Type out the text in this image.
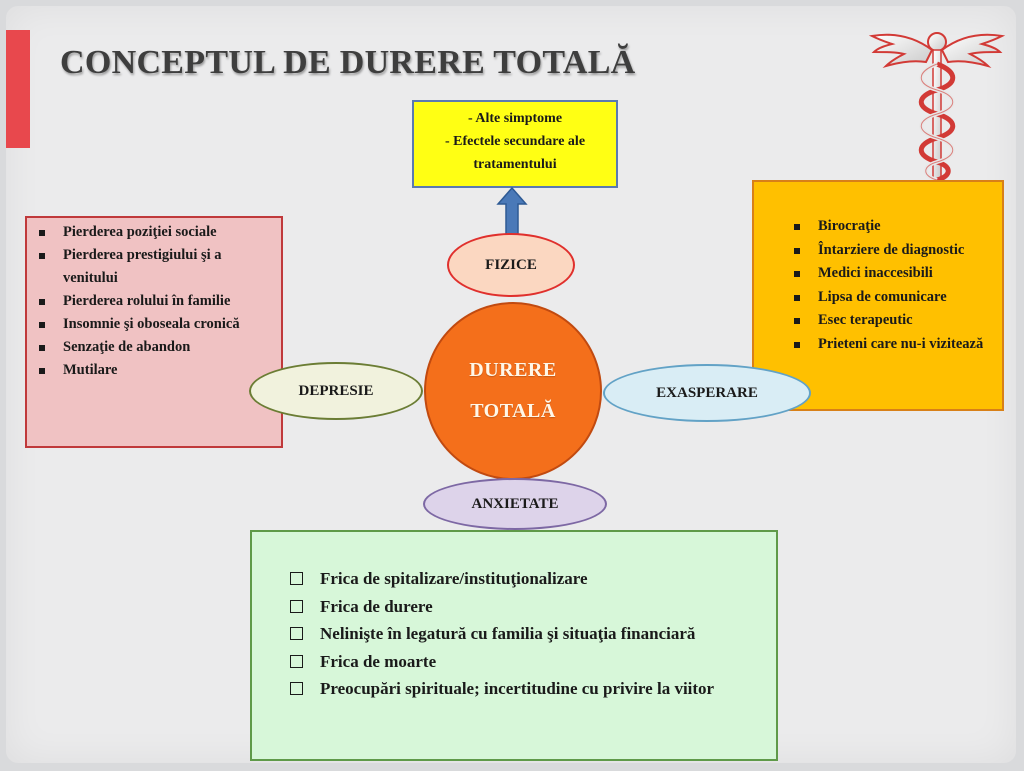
CONCEPTUL DE DURERE TOTALĂ
- Alte simptome
- Efectele secundare ale
tratamentului
FIZICE
Pierderea poziţiei sociale
Pierderea prestigiului şi a venitului
Pierderea rolului în familie
Insomnie şi oboseala cronică
Senzaţie de abandon
Mutilare
DEPRESIE
DURERE
TOTALĂ
Birocraţie
Întarziere de diagnostic
Medici inaccesibili
Lipsa de comunicare
Esec terapeutic
Prieteni care nu-i vizitează
EXASPERARE
ANXIETATE
Frica de spitalizare/instituţionalizare
Frica de durere
Nelinişte în legatură cu familia şi situaţia financiară
Frica de moarte
Preocupări spirituale; incertitudine cu privire la viitor
